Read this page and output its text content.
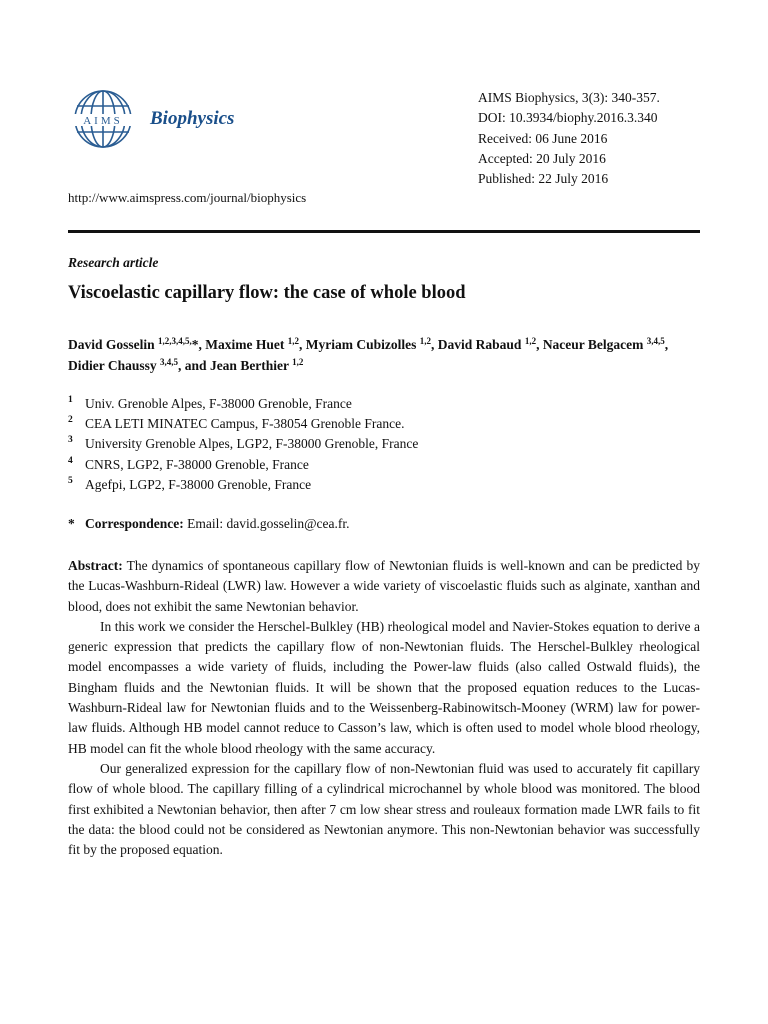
AIMS Biophysics
AIMS Biophysics, 3(3): 340-357.
DOI: 10.3934/biophy.2016.3.340
Received: 06 June 2016
Accepted: 20 July 2016
Published: 22 July 2016
http://www.aimspress.com/journal/biophysics
Research article
Viscoelastic capillary flow: the case of whole blood
David Gosselin $^{1,2,3,4,5,}$*, Maxime Huet $^{1,2}$, Myriam Cubizolles $^{1,2}$, David Rabaud $^{1,2}$, Naceur Belgacem $^{3,4,5}$, Didier Chaussy $^{3,4,5}$, and Jean Berthier $^{1,2}$
1 Univ. Grenoble Alpes, F-38000 Grenoble, France
2 CEA LETI MINATEC Campus, F-38054 Grenoble France.
3 University Grenoble Alpes, LGP2, F-38000 Grenoble, France
4 CNRS, LGP2, F-38000 Grenoble, France
5 Agefpi, LGP2, F-38000 Grenoble, France
* Correspondence: Email: david.gosselin@cea.fr.

Abstract: The dynamics of spontaneous capillary flow of Newtonian fluids is well-known and can be predicted by the Lucas-Washburn-Rideal (LWR) law. However a wide variety of viscoelastic fluids such as alginate, xanthan and blood, does not exhibit the same Newtonian behavior.

In this work we consider the Herschel-Bulkley (HB) rheological model and Navier-Stokes equation to derive a generic expression that predicts the capillary flow of non-Newtonian fluids. The Herschel-Bulkley rheological model encompasses a wide variety of fluids, including the Power-law fluids (also called Ostwald fluids), the Bingham fluids and the Newtonian fluids. It will be shown that the proposed equation reduces to the Lucas-Washburn-Rideal law for Newtonian fluids and to the Weissenberg-Rabinowitsch-Mooney (WRM) law for power-law fluids. Although HB model cannot reduce to Casson’s law, which is often used to model whole blood rheology, HB model can fit the whole blood rheology with the same accuracy.

Our generalized expression for the capillary flow of non-Newtonian fluid was used to accurately fit capillary flow of whole blood. The capillary filling of a cylindrical microchannel by whole blood was monitored. The blood first exhibited a Newtonian behavior, then after 7 cm low shear stress and rouleaux formation made LWR fails to fit the data: the blood could not be considered as Newtonian anymore. This non-Newtonian behavior was successfully fit by the proposed equation.
